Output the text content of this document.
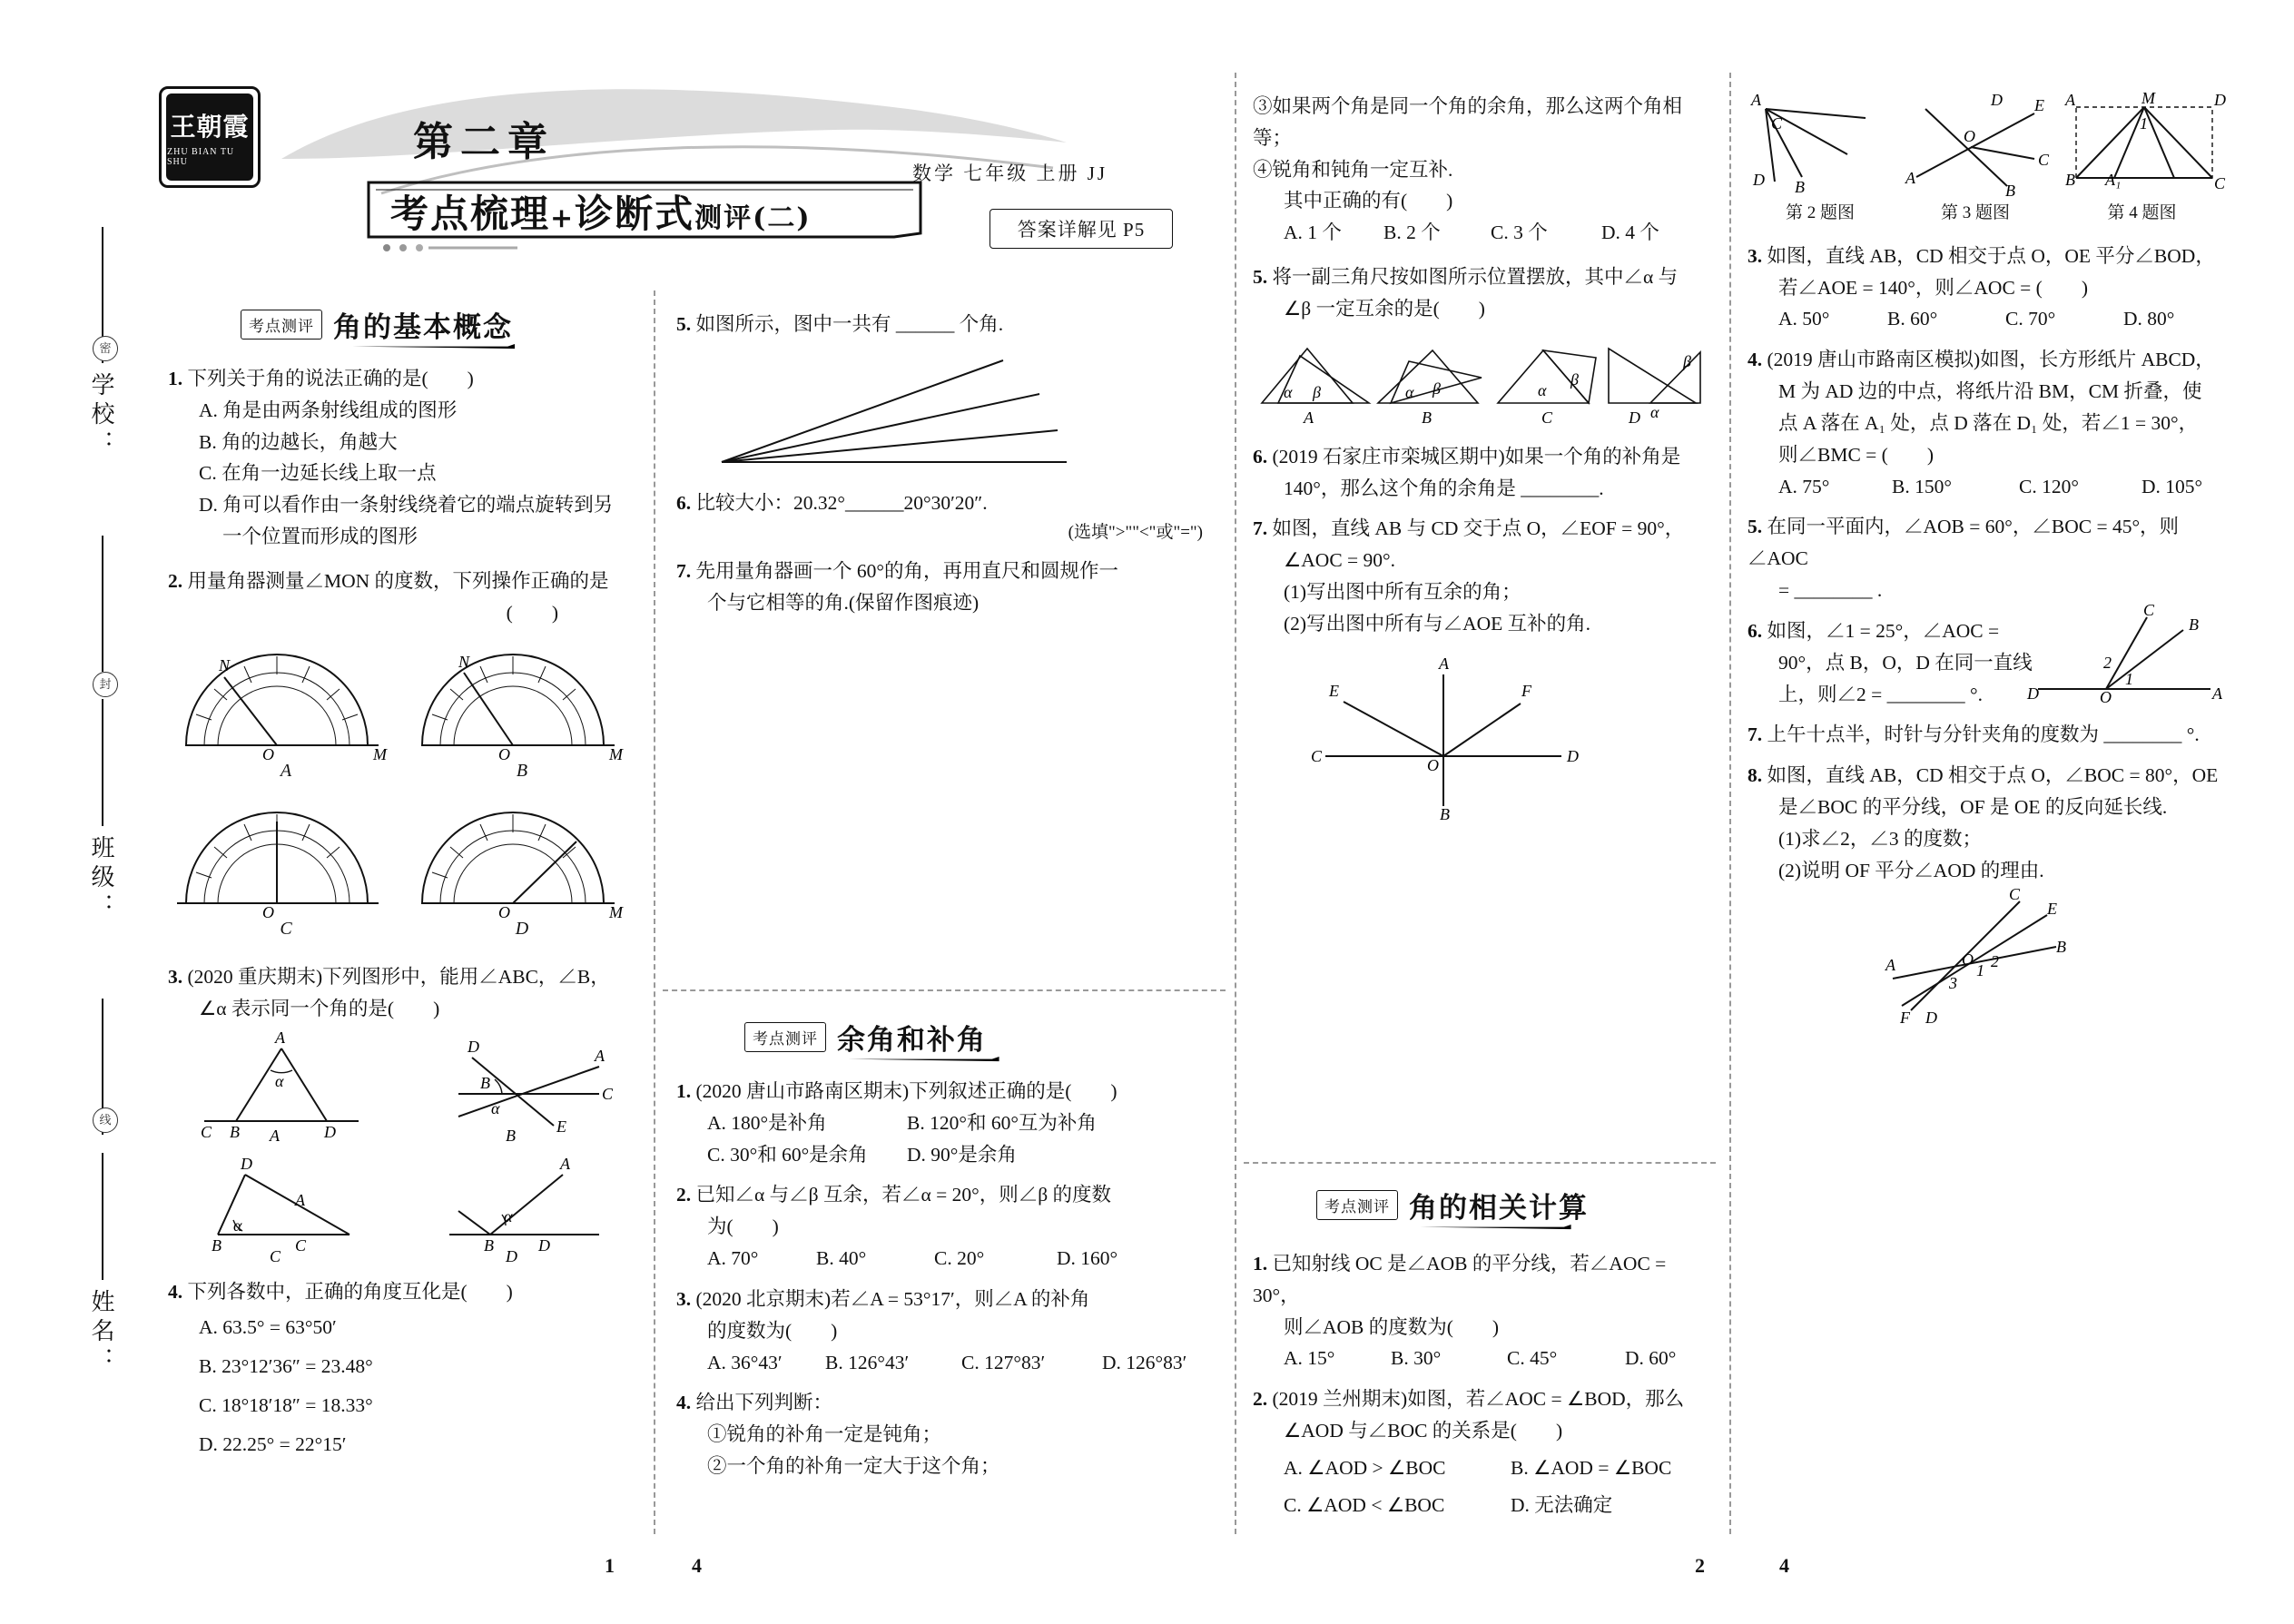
学校：
班级：
姓名：
密
封
线
王朝霞
ZHU BIAN TU SHU	第二章
考点梳理+诊断式测评(二)
数学 七年级 上册 JJ
答案详解见 P5
考点测评 角的基本概念
1. 下列关于角的说法正确的是(　　)
A. 角是由两条射线组成的图形
B. 角的边越长，角越大
C. 在角一边延长线上取一点
D. 角可以看作由一条射线绕着它的端点旋转到另
一个位置而形成的图形
2. 用量角器测量∠MON 的度数，下列操作正确的是
(　　)
N
M
O
A
N
M
O
B
O
C
O	M
D
3. (2020 重庆期末)下列图形中，能用∠ABC，∠B，
∠α 表示同一个角的是(　　)
A
α
C B	D
A
D	A
α
B
C
E
B
D
A
α
B	C
C
A
α
B	D
D
4. 下列各数中，正确的角度互化是(　　)
A. 63.5° = 63°50′
B. 23°12′36″ = 23.48°
C. 18°18′18″ = 18.33°
D. 22.25° = 22°15′
5. 如图所示，图中一共有 ______ 个角.
6. 比较大小：20.32°______20°30′20″.
(选填">""<"或"=")
7. 先用量角器画一个 60°的角，再用直尺和圆规作一
个与它相等的角.(保留作图痕迹)
考点测评 余角和补角
1. (2020 唐山市路南区期末)下列叙述正确的是(　　)
A. 180°是补角	B. 120°和 60°互为补角
C. 30°和 60°是余角	D. 90°是余角
2. 已知∠α 与∠β 互余，若∠α = 20°，则∠β 的度数
为(　　)
A. 70°	B. 40°	C. 20°	D. 160°
3. (2020 北京期末)若∠A = 53°17′，则∠A 的补角
的度数为(　　)
A. 36°43′	B. 126°43′	C. 127°83′	D. 126°83′
4. 给出下列判断：
①锐角的补角一定是钝角；
②一个角的补角一定大于这个角；
③如果两个角是同一个角的余角，那么这两个角相等；
④锐角和钝角一定互补.
其中正确的有(　　)
A. 1 个	B. 2 个	C. 3 个	D. 4 个
5. 将一副三角尺按如图所示位置摆放，其中∠α 与
∠β 一定互余的是(　　)
α β
A
α β
B
α
β
C
β
α
D
6. (2019 石家庄市栾城区期中)如果一个角的补角是
140°，那么这个角的余角是 ________.
7. 如图，直线 AB 与 CD 交于点 O，∠EOF = 90°，
∠AOC = 90°.
(1)写出图中所有互余的角；
(2)写出图中所有与∠AOE 互补的角.
E
A
F
C	D
O
B
考点测评 角的相关计算
1. 已知射线 OC 是∠AOB 的平分线，若∠AOC = 30°，
则∠AOB 的度数为(　　)
A. 15°	B. 30°	C. 45°	D. 60°
2. (2019 兰州期末)如图，若∠AOC = ∠BOD，那么
∠AOD 与∠BOC 的关系是(　　)
A. ∠AOD > ∠BOC	B. ∠AOD = ∠BOC
C. ∠AOD < ∠BOC	D. 无法确定
A
C
D B
第 2 题图
D E
O
A
B
C
第 3 题图
M	D
A
B	C
1
A₁
第 4 题图
3. 如图，直线 AB，CD 相交于点 O，OE 平分∠BOD，
若∠AOE = 140°，则∠AOC = (　　)
A. 50°	B. 60°	C. 70°	D. 80°
4. (2019 唐山市路南区模拟)如图，长方形纸片 ABCD，
M 为 AD 边的中点，将纸片沿 BM，CM 折叠，使
点 A 落在 A₁ 处，点 D 落在 D₁ 处，若∠1 = 30°，
则∠BMC = (　　)
A. 75°	B. 150°	C. 120°	D. 105°
5. 在同一平面内，∠AOB = 60°，∠BOC = 45°，则∠AOC
= ________ .
6. 如图，∠1 = 25°，∠AOC =
90°，点 B，O，D 在同一直线
上，则∠2 = ________ °.
C
B
D	O	A
2
1
7. 上午十点半，时针与分针夹角的度数为 ________ °.
8. 如图，直线 AB，CD 相交于点 O，∠BOC = 80°，OE
是∠BOC 的平分线，OF 是 OE 的反向延长线.
(1)求∠2，∠3 的度数；
(2)说明 OF 平分∠AOD 的理由.
C
E
A
B
F D
O
1 2
3
1	4	2	4
